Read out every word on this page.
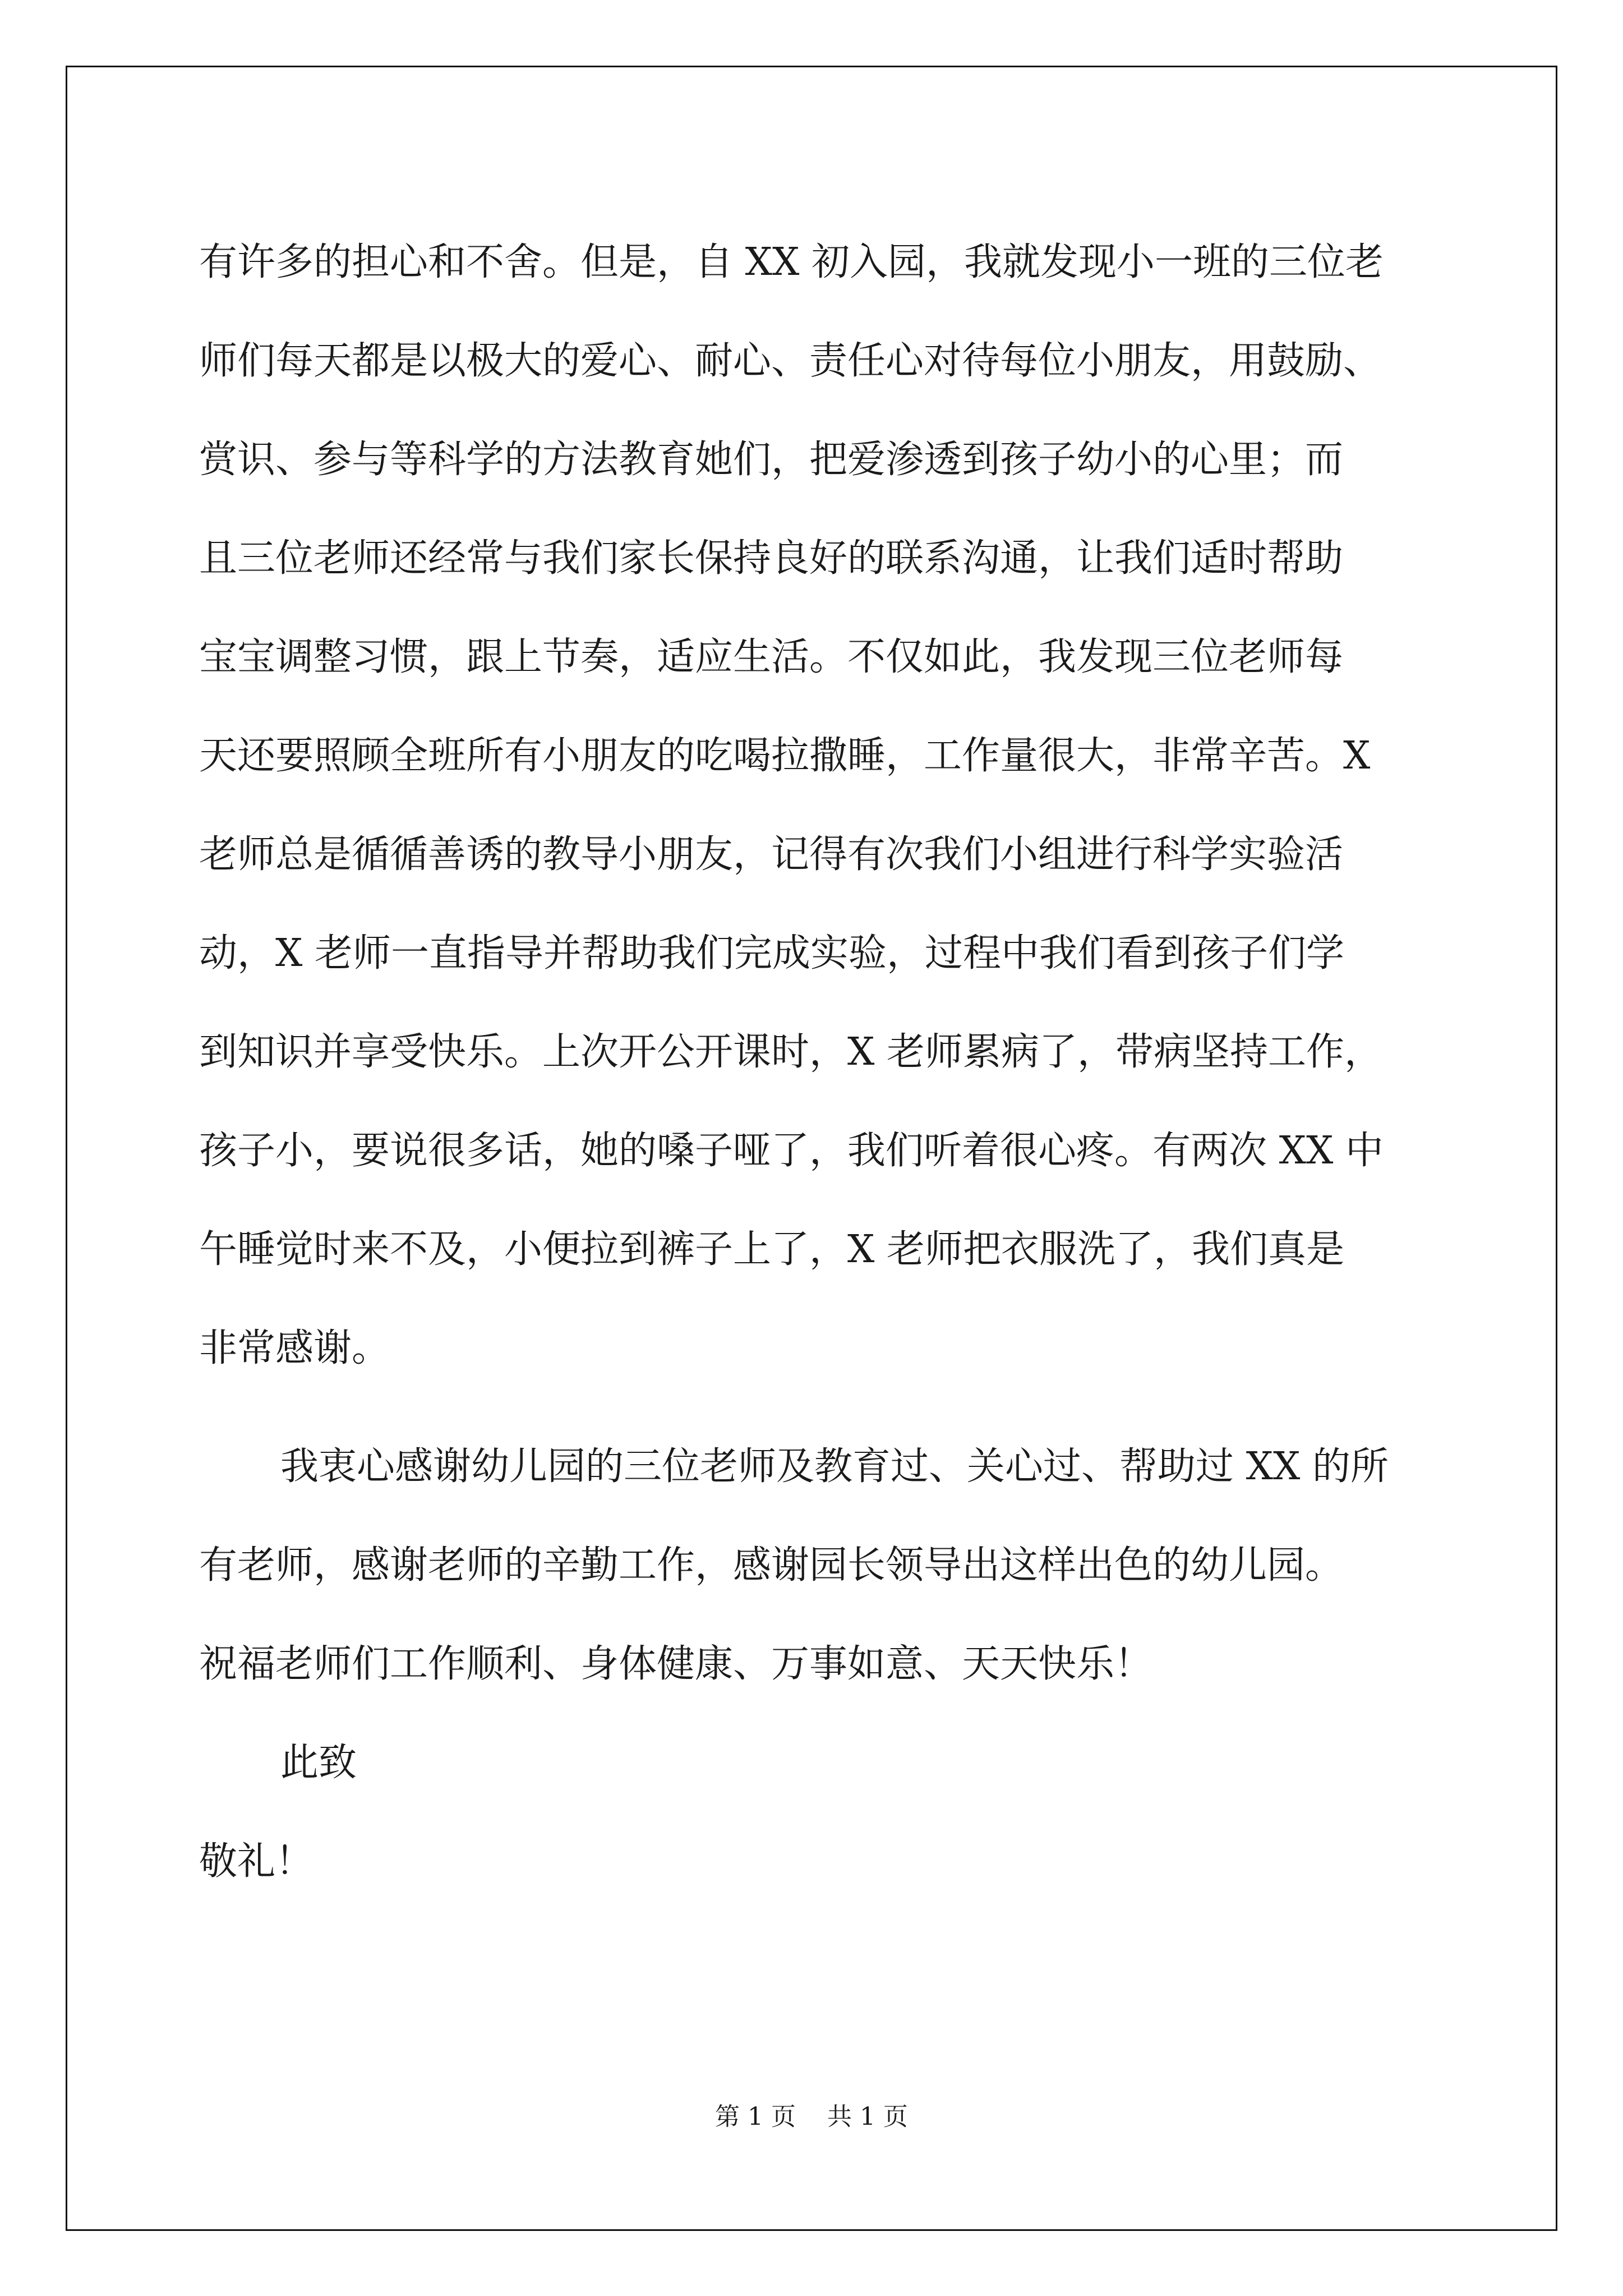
有许多的担心和不舍。但是，自 XX 初入园，我就发现小一班的三位老
师们每天都是以极大的爱心、耐心、责任心对待每位小朋友，用鼓励、
赏识、参与等科学的方法教育她们，把爱渗透到孩子幼小的心里；而
且三位老师还经常与我们家长保持良好的联系沟通，让我们适时帮助
宝宝调整习惯，跟上节奏，适应生活。不仅如此，我发现三位老师每
天还要照顾全班所有小朋友的吃喝拉撒睡，工作量很大，非常辛苦。X
老师总是循循善诱的教导小朋友，记得有次我们小组进行科学实验活
动，X 老师一直指导并帮助我们完成实验，过程中我们看到孩子们学
到知识并享受快乐。上次开公开课时，X 老师累病了，带病坚持工作，
孩子小，要说很多话，她的嗓子哑了，我们听着很心疼。有两次 XX 中
午睡觉时来不及，小便拉到裤子上了，X 老师把衣服洗了，我们真是
非常感谢。
我衷心感谢幼儿园的三位老师及教育过、关心过、帮助过 XX 的所
有老师，感谢老师的辛勤工作，感谢园长领导出这样出色的幼儿园。
祝福老师们工作顺利、身体健康、万事如意、天天快乐！
此致
敬礼！
第 1 页    共 1 页
